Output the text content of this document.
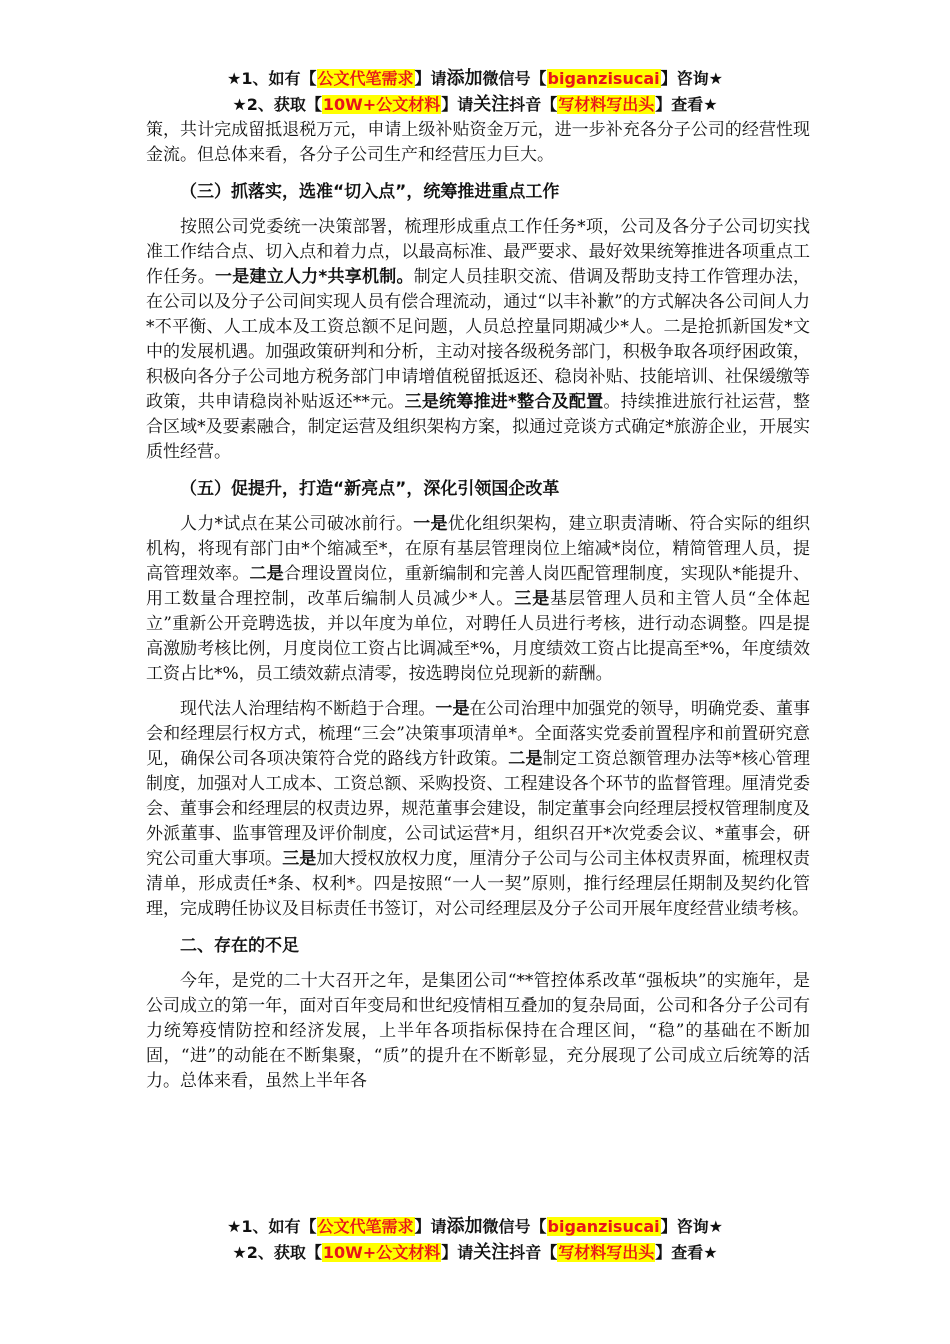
★1、如有【公文代笔需求】请添加微信号【biganzisucai】咨询★
★2、获取【10W+公文材料】请关注抖音【写材料写出头】查看★

策，共计完成留抵退税万元，申请上级补贴资金万元，进一步补充各分子公司的经营性现金流。但总体来看，各分子公司生产和经营压力巨大。

（三）抓落实，选准“切入点”，统筹推进重点工作

按照公司党委统一决策部署，梳理形成重点工作任务*项，公司及各分子公司切实找准工作结合点、切入点和着力点，以最高标准、最严要求、最好效果统筹推进各项重点工作任务。一是建立人力*共享机制。制定人员挂职交流、借调及帮助支持工作管理办法，在公司以及分子公司间实现人员有偿合理流动，通过“以丰补歉”的方式解决各公司间人力*不平衡、人工成本及工资总额不足问题，人员总控量同期减少*人。二是抢抓新国发*文中的发展机遇。加强政策研判和分析，主动对接各级税务部门，积极争取各项纾困政策，积极向各分子公司地方税务部门申请增值税留抵返还、稳岗补贴、技能培训、社保缓缴等政策，共申请稳岗补贴返还**元。三是统筹推进*整合及配置。持续推进旅行社运营，整合区域*及要素融合，制定运营及组织架构方案，拟通过竞谈方式确定*旅游企业，开展实质性经营。

（五）促提升，打造“新亮点”，深化引领国企改革

人力*试点在某公司破冰前行。一是优化组织架构，建立职责清晰、符合实际的组织机构，将现有部门由*个缩减至*，在原有基层管理岗位上缩减*岗位，精简管理人员，提高管理效率。二是合理设置岗位，重新编制和完善人岗匹配管理制度，实现队*能提升、用工数量合理控制，改革后编制人员减少*人。三是基层管理人员和主管人员“全体起立”重新公开竞聘选拔，并以年度为单位，对聘任人员进行考核，进行动态调整。四是提高激励考核比例，月度岗位工资占比调减至*%，月度绩效工资占比提高至*%，年度绩效工资占比*%，员工绩效薪点清零，按选聘岗位兑现新的薪酬。

现代法人治理结构不断趋于合理。一是在公司治理中加强党的领导，明确党委、董事会和经理层行权方式，梳理“三会”决策事项清单*。全面落实党委前置程序和前置研究意见，确保公司各项决策符合党的路线方针政策。二是制定工资总额管理办法等*核心管理制度，加强对人工成本、工资总额、采购投资、工程建设各个环节的监督管理。厘清党委会、董事会和经理层的权责边界，规范董事会建设，制定董事会向经理层授权管理制度及外派董事、监事管理及评价制度，公司试运营*月，组织召开*次党委会议、*董事会，研究公司重大事项。三是加大授权放权力度，厘清分子公司与公司主体权责界面，梳理权责清单，形成责任*条、权利*。四是按照“一人一契”原则，推行经理层任期制及契约化管理，完成聘任协议及目标责任书签订，对公司经理层及分子公司开展年度经营业绩考核。

二、存在的不足

今年，是党的二十大召开之年，是集团公司“**管控体系改革“强板块”的实施年，是公司成立的第一年，面对百年变局和世纪疫情相互叠加的复杂局面，公司和各分子公司有力统筹疫情防控和经济发展，上半年各项指标保持在合理区间，“稳”的基础在不断加固，“进”的动能在不断集聚，“质”的提升在不断彰显，充分展现了公司成立后统筹的活力。总体来看，虽然上半年各

★1、如有【公文代笔需求】请添加微信号【biganzisucai】咨询★
★2、获取【10W+公文材料】请关注抖音【写材料写出头】查看★
